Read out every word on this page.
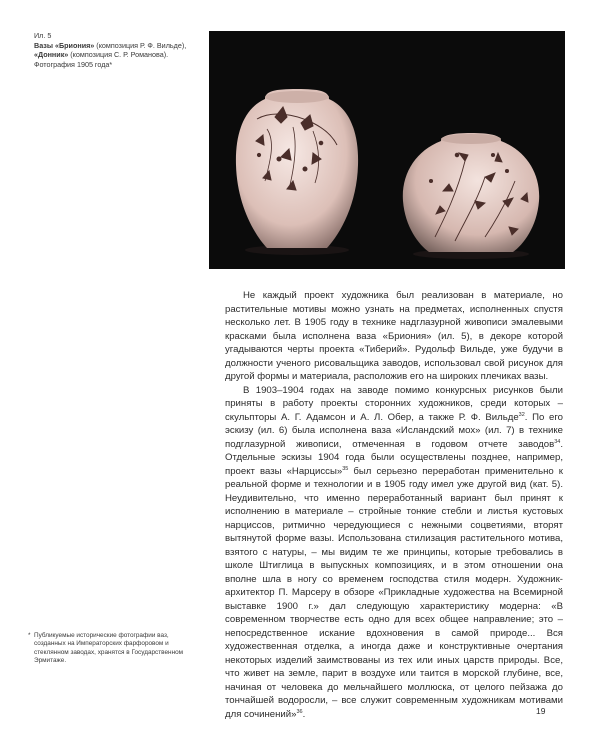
Ил. 5
Вазы «Бриония» (композиция Р. Ф. Вильде),
«Донник» (композиция С. Р. Романова).
Фотография 1905 года*

Не каждый проект художника был реализован в материале, но растительные мотивы можно узнать на предметах, исполненных спустя несколько лет. В 1905 году в технике надглазурной живописи эмалевыми красками была исполнена ваза «Бриония» (ил. 5), в декоре которой угадываются черты проекта «Тиберий». Рудольф Вильде, уже будучи в должности ученого рисовальщика заводов, использовал свой рисунок для другой формы и материала, расположив его на широких плечиках вазы.

В 1903–1904 годах на заводе помимо конкурсных рисунков были приняты в работу проекты сторонних художников, среди которых – скульпторы А. Г. Адамсон и А. Л. Обер, а также Р. Ф. Вильде$^{32}$. По его эскизу (ил. 6) была исполнена ваза «Исландский мох» (ил. 7) в технике подглазурной живописи, отмеченная в годовом отчете заводов$^{34}$. Отдельные эскизы 1904 года были осуществлены позднее, например, проект вазы «Нарциссы»$^{35}$ был серьезно переработан применительно к реальной форме и технологии и в 1905 году имел уже другой вид (кат. 5). Неудивительно, что именно переработанный вариант был принят к исполнению в материале – стройные тонкие стебли и листья кустовых нарциссов, ритмично чередующиеся с нежными соцветиями, вторят вытянутой форме вазы. Использована стилизация растительного мотива, взятого с натуры, – мы видим те же принципы, которые требовались в школе Штиглица в выпускных композициях, и в этом отношении она вполне шла в ногу со временем господства стиля модерн. Художник-архитектор П. Марсеру в обзоре «Прикладные художества на Всемирной выставке 1900 г.» дал следующую характеристику модерна: «В современном творчестве есть одно для всех общее направление; это – непосредственное искание вдохновения в самой природе... Вся художественная отделка, а иногда даже и конструктивные очертания некоторых изделий заимствованы из тех или иных царств природы. Все, что живет на земле, парит в воздухе или таится в морской глубине, все, начиная от человека до мельчайшего моллюска, от целого пейзажа до тончайшей водоросли, – все служит современным художникам мотивами для сочинений»$^{36}$.

* Публикуемые исторические фотографии ваз, созданных на Императорских фарфоровом и стеклянном заводах, хранятся в Государственном Эрмитаже.
19
